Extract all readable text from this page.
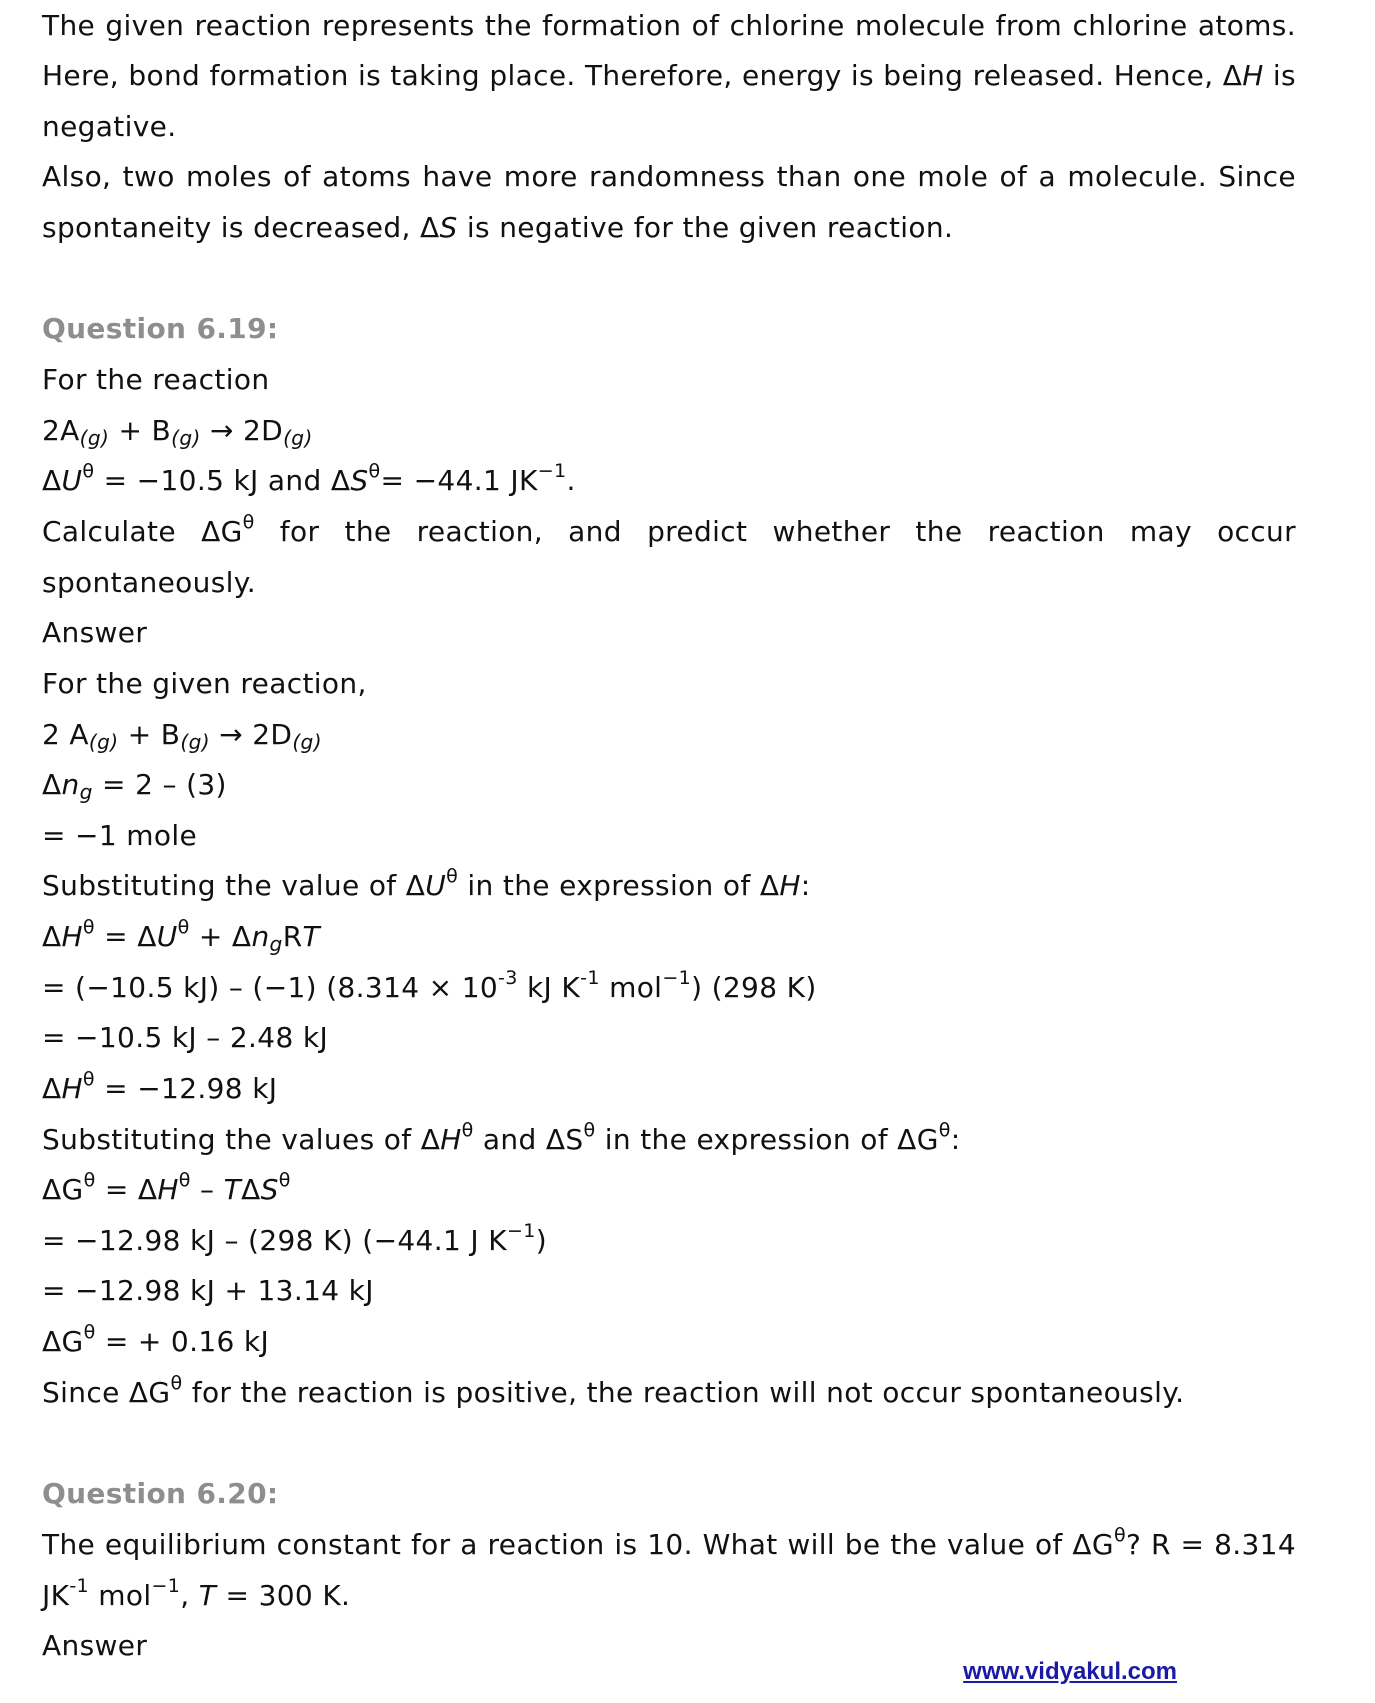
The given reaction represents the formation of chlorine molecule from chlorine atoms.
Here, bond formation is taking place. Therefore, energy is being released. Hence, ΔH is
negative.
Also, two moles of atoms have more randomness than one mole of a molecule. Since
spontaneity is decreased, ΔS is negative for the given reaction.
Question 6.19:
For the reaction
$2A_{(g)} + B_{(g)} \to 2D_{(g)}$
$\Delta U^\theta = -10.5$ kJ and $\Delta S^\theta= -44.1$ $JK^{-1}$.
Calculate $\Delta G^\theta$ for the reaction, and predict whether the reaction may occur
spontaneously.
Answer
For the given reaction,
2 $A_{(g)} + B_{(g)} \to 2D_{(g)}$
$\Delta n_g = 2 - (3)$
= −1 mole
Substituting the value of $\Delta U^\theta$ in the expression of ΔH:
$\Delta H^\theta = \Delta U^\theta + \Delta n_gRT$
= (−10.5 kJ) – (−1) ($8.314 \times 10^{-3}$ kJ $K^{-1}$ mol$^{-1}$) (298 K)
= −10.5 kJ – 2.48 kJ
$\Delta H^\theta = -12.98$ kJ
Substituting the values of $\Delta H^\theta$ and $\Delta S^\theta$ in the expression of $\Delta G^\theta$:
$\Delta G^\theta = \Delta H^\theta - T\Delta S^\theta$
= −12.98 kJ – (298 K) (−44.1 J $K^{-1}$)
= −12.98 kJ + 13.14 kJ
$\Delta G^\theta$ = + 0.16 kJ
Since $\Delta G^\theta$ for the reaction is positive, the reaction will not occur spontaneously.
Question 6.20:
The equilibrium constant for a reaction is 10. What will be the value of $\Delta G^\theta$? R = 8.314
$JK^{-1}$ mol$^{-1}$, T = 300 K.
Answer
www.vidyakul.com
